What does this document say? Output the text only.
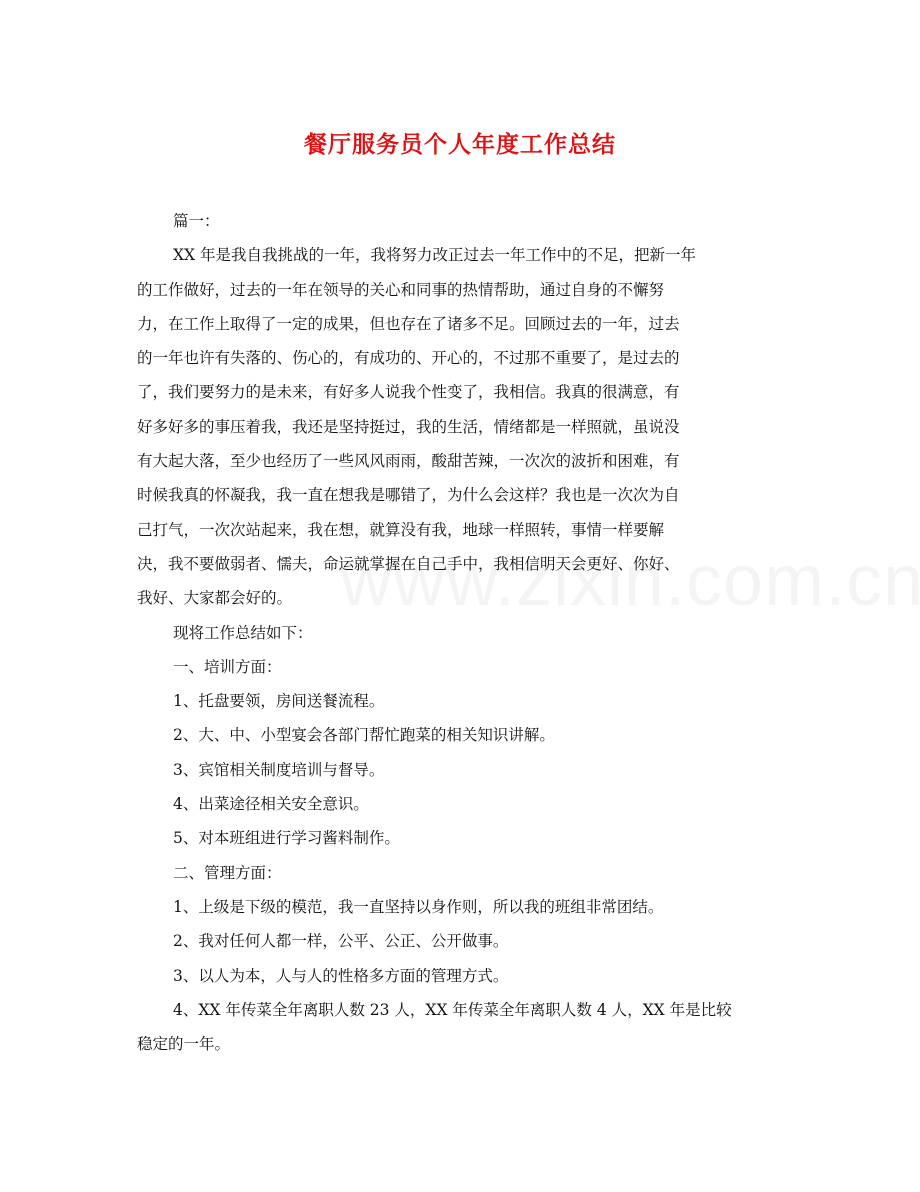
餐厅服务员个人年度工作总结
篇一：
XX 年是我自我挑战的一年，我将努力改正过去一年工作中的不足，把新一年
的工作做好，过去的一年在领导的关心和同事的热情帮助，通过自身的不懈努
力，在工作上取得了一定的成果，但也存在了诸多不足。回顾过去的一年，过去
的一年也许有失落的、伤心的，有成功的、开心的，不过那不重要了，是过去的
了，我们要努力的是未来，有好多人说我个性变了，我相信。我真的很满意，有
好多好多的事压着我，我还是坚持挺过，我的生活，情绪都是一样照就，虽说没
有大起大落，至少也经历了一些风风雨雨，酸甜苦辣，一次次的波折和困难，有
时候我真的怀凝我，我一直在想我是哪错了，为什么会这样？我也是一次次为自
己打气，一次次站起来，我在想，就算没有我，地球一样照转，事情一样要解
决，我不要做弱者、懦夫，命运就掌握在自己手中，我相信明天会更好、你好、
我好、大家都会好的。
现将工作总结如下：
一、培训方面：
1、托盘要领，房间送餐流程。
2、大、中、小型宴会各部门帮忙跑菜的相关知识讲解。
3、宾馆相关制度培训与督导。
4、出菜途径相关安全意识。
5、对本班组进行学习酱料制作。
二、管理方面：
1、上级是下级的模范，我一直坚持以身作则，所以我的班组非常团结。
2、我对任何人都一样，公平、公正、公开做事。
3、以人为本，人与人的性格多方面的管理方式。
4、XX 年传菜全年离职人数 23 人，XX 年传菜全年离职人数 4 人，XX 年是比较
稳定的一年。
